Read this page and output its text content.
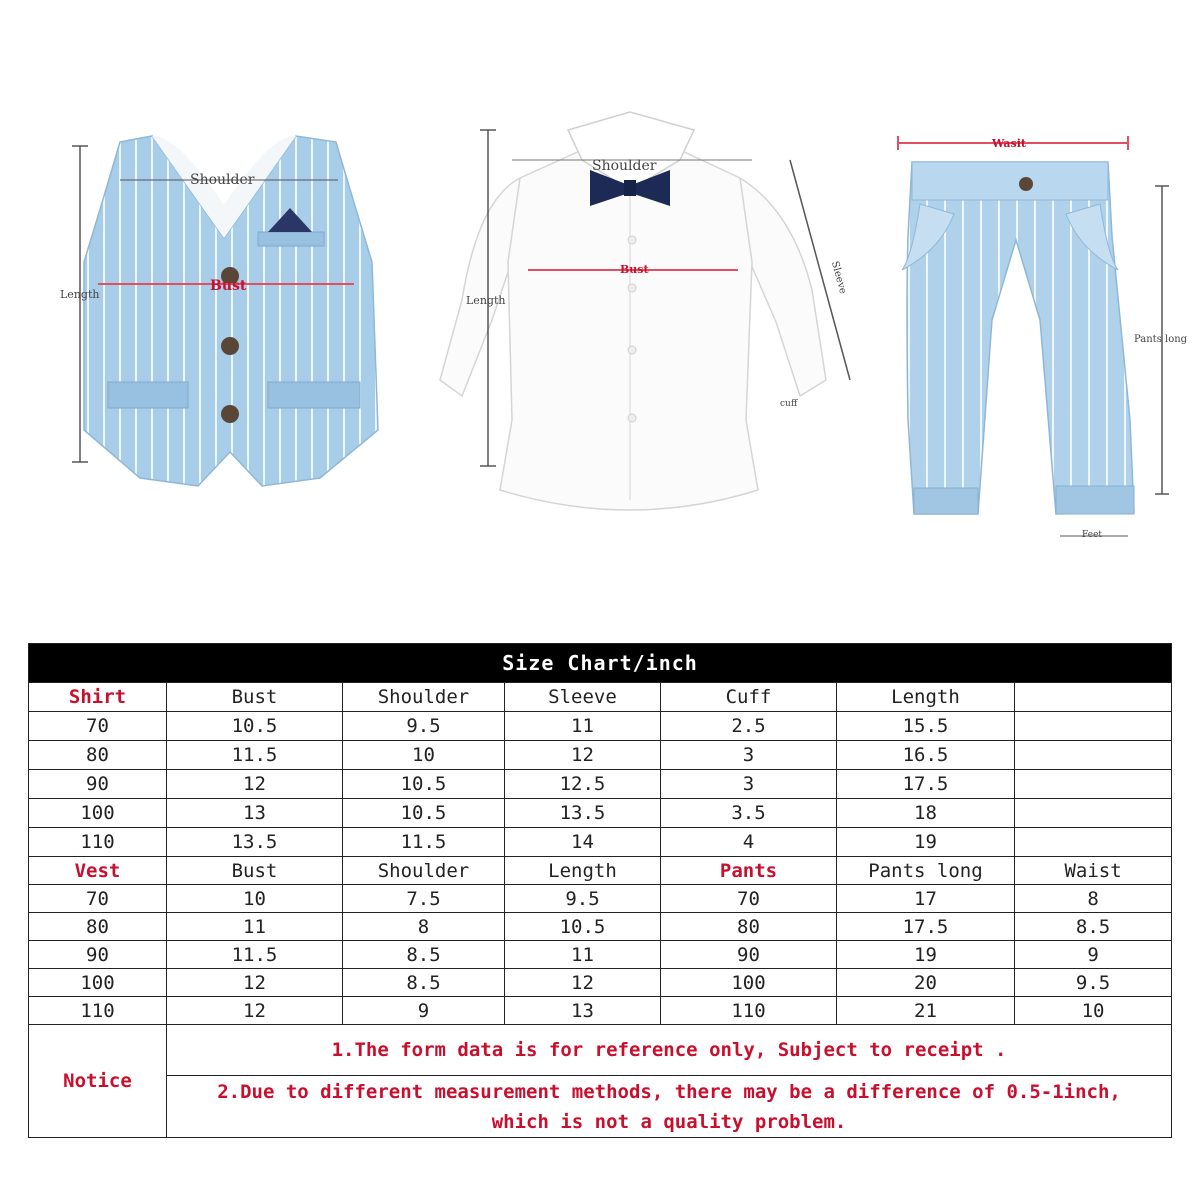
Shoulder
Length
Bust
Shoulder
Length
Bust	Sleeve
cuff
Wasit
Pants long
Feet
Size Chart/inch						
Shirt	Bust	Shoulder	Sleeve	Cuff	Length	
70	10.5	9.5	11	2.5	15.5	
80	11.5	10	12	3	16.5	
90	12	10.5	12.5	3	17.5	
100	13	10.5	13.5	3.5	18	
110	13.5	11.5	14	4	19	
Vest	Bust	Shoulder	Length	Pants	Pants long	Waist
70	10	7.5	9.5	70	17	8
80	11	8	10.5	80	17.5	8.5
90	11.5	8.5	11	90	19	9
100	12	8.5	12	100	20	9.5
110	12	9	13	110	21	10
Notice	1.The form data is for reference only, Subject to receipt .					

	2.Due to different measurement methods, there may be a difference of 0.5-1inch,
which is not a quality problem.					
